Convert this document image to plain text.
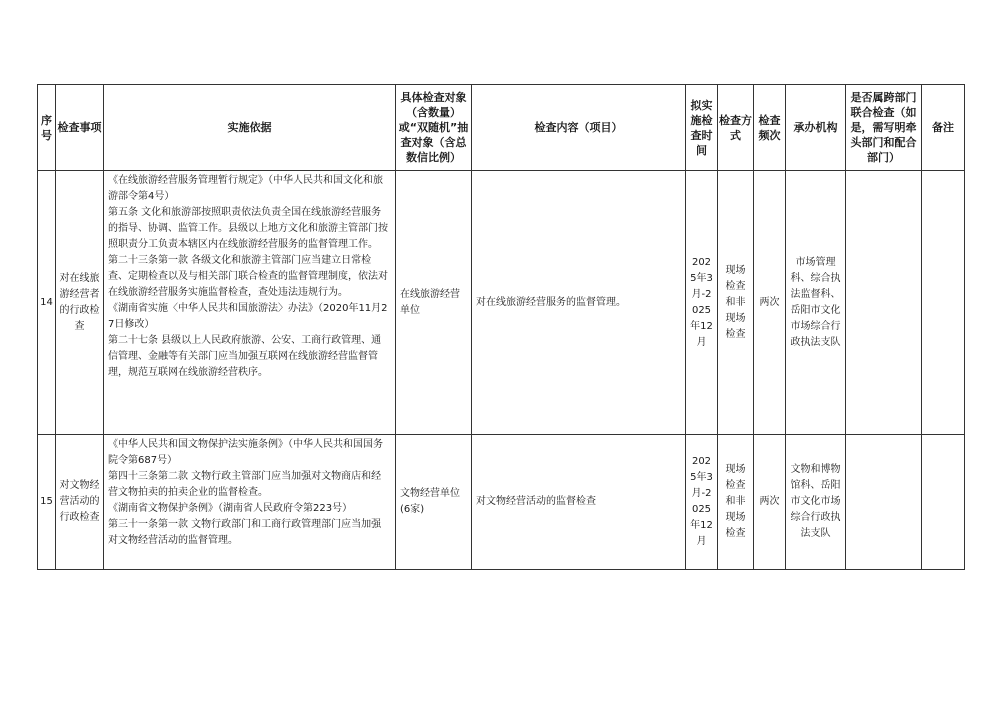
序号	检查事项	实施依据	具体检查对象（含数量）或“双随机”抽查对象（含总数信比例）	检查内容（项目）	拟实施检查时间	检查方式	检查频次	承办机构	是否属跨部门联合检查（如是，需写明牵头部门和配合部门）	备注
14	对在线旅游经营者的行政检查	《在线旅游经营服务管理暂行规定》（中华人民共和国文化和旅游部令第4号）
第五条 文化和旅游部按照职责依法负责全国在线旅游经营服务的指导、协调、监管工作。县级以上地方文化和旅游主管部门按照职责分工负责本辖区内在线旅游经营服务的监督管理工作。
第二十三条第一款 各级文化和旅游主管部门应当建立日常检查、定期检查以及与相关部门联合检查的监督管理制度，依法对在线旅游经营服务实施监督检查，查处违法违规行为。
《湖南省实施〈中华人民共和国旅游法〉办法》（2020年11月27日修改）
第二十七条 县级以上人民政府旅游、公安、工商行政管理、通信管理、金融等有关部门应当加强互联网在线旅游经营监督管理，规范互联网在线旅游经营秩序。	在线旅游经营单位	对在线旅游经营服务的监督管理。	2025年3月-2025年12月	现场检查和非现场检查	两次	市场管理科、综合执法监督科、岳阳市文化市场综合行政执法支队		
15	对文物经营活动的行政检查	《中华人民共和国文物保护法实施条例》（中华人民共和国国务院令第687号）
第四十三条第二款 文物行政主管部门应当加强对文物商店和经营文物拍卖的拍卖企业的监督检查。
《湖南省文物保护条例》（湖南省人民政府令第223号）
第三十一条第一款 文物行政部门和工商行政管理部门应当加强对文物经营活动的监督管理。	文物经营单位(6家)	对文物经营活动的监督检查	2025年3月-2025年12月	现场检查和非现场检查	两次	文物和博物馆科、岳阳市文化市场综合行政执法支队		
